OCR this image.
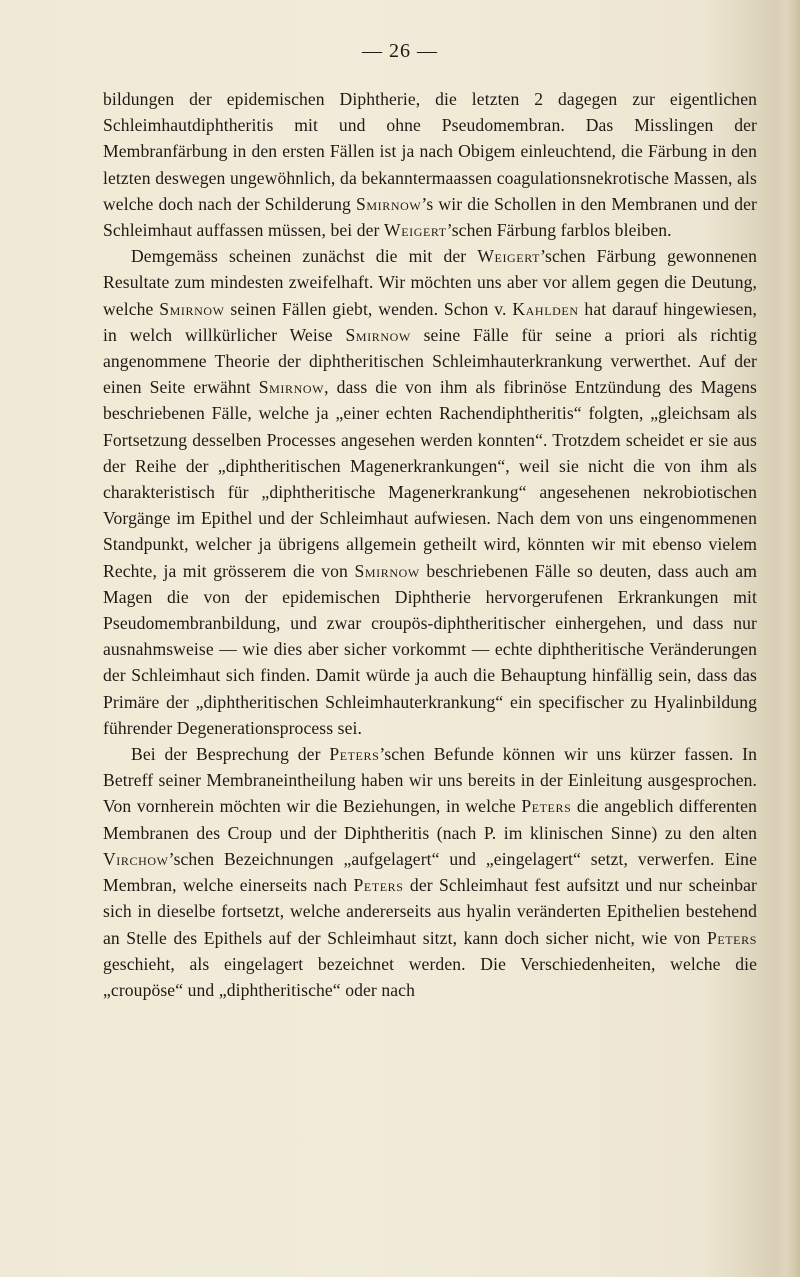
— 26 —

bildungen der epidemischen Diphtherie, die letzten 2 dagegen zur eigentlichen Schleimhautdiphtheritis mit und ohne Pseudomembran. Das Misslingen der Membranfärbung in den ersten Fällen ist ja nach Obigem einleuchtend, die Färbung in den letzten deswegen ungewöhnlich, da bekanntermaassen coagulationsnekrotische Massen, als welche doch nach der Schilderung Smirnow’s wir die Schollen in den Membranen und der Schleimhaut auffassen müssen, bei der Weigert’schen Färbung farblos bleiben.

Demgemäss scheinen zunächst die mit der Weigert’schen Färbung gewonnenen Resultate zum mindesten zweifelhaft. Wir möchten uns aber vor allem gegen die Deutung, welche Smirnow seinen Fällen giebt, wenden. Schon v. Kahlden hat darauf hingewiesen, in welch willkürlicher Weise Smirnow seine Fälle für seine a priori als richtig angenommene Theorie der diphtheritischen Schleimhauterkrankung verwerthet. Auf der einen Seite erwähnt Smirnow, dass die von ihm als fibrinöse Entzündung des Magens beschriebenen Fälle, welche ja „einer echten Rachendiphtheritis“ folgten, „gleichsam als Fortsetzung desselben Processes angesehen werden konnten“. Trotzdem scheidet er sie aus der Reihe der „diphtheritischen Magenerkrankungen“, weil sie nicht die von ihm als charakteristisch für „diphtheritische Magenerkrankung“ angesehenen nekrobiotischen Vorgänge im Epithel und der Schleimhaut aufwiesen. Nach dem von uns eingenommenen Standpunkt, welcher ja übrigens allgemein getheilt wird, könnten wir mit ebenso vielem Rechte, ja mit grösserem die von Smirnow beschriebenen Fälle so deuten, dass auch am Magen die von der epidemischen Diphtherie hervorgerufenen Erkrankungen mit Pseudomembranbildung, und zwar croupös-diphtheritischer einhergehen, und dass nur ausnahmsweise — wie dies aber sicher vorkommt — echte diphtheritische Veränderungen der Schleimhaut sich finden. Damit würde ja auch die Behauptung hinfällig sein, dass das Primäre der „diphtheritischen Schleimhauterkrankung“ ein specifischer zu Hyalinbildung führender Degenerationsprocess sei.

Bei der Besprechung der Peters’schen Befunde können wir uns kürzer fassen. In Betreff seiner Membraneintheilung haben wir uns bereits in der Einleitung ausgesprochen. Von vornherein möchten wir die Beziehungen, in welche Peters die angeblich differenten Membranen des Croup und der Diphtheritis (nach P. im klinischen Sinne) zu den alten Virchow’schen Bezeichnungen „aufgelagert“ und „eingelagert“ setzt, verwerfen. Eine Membran, welche einerseits nach Peters der Schleimhaut fest aufsitzt und nur scheinbar sich in dieselbe fortsetzt, welche andererseits aus hyalin veränderten Epithelien bestehend an Stelle des Epithels auf der Schleimhaut sitzt, kann doch sicher nicht, wie von Peters geschieht, als eingelagert bezeichnet werden. Die Verschiedenheiten, welche die „croupöse“ und „diphtheritische“ oder nach
